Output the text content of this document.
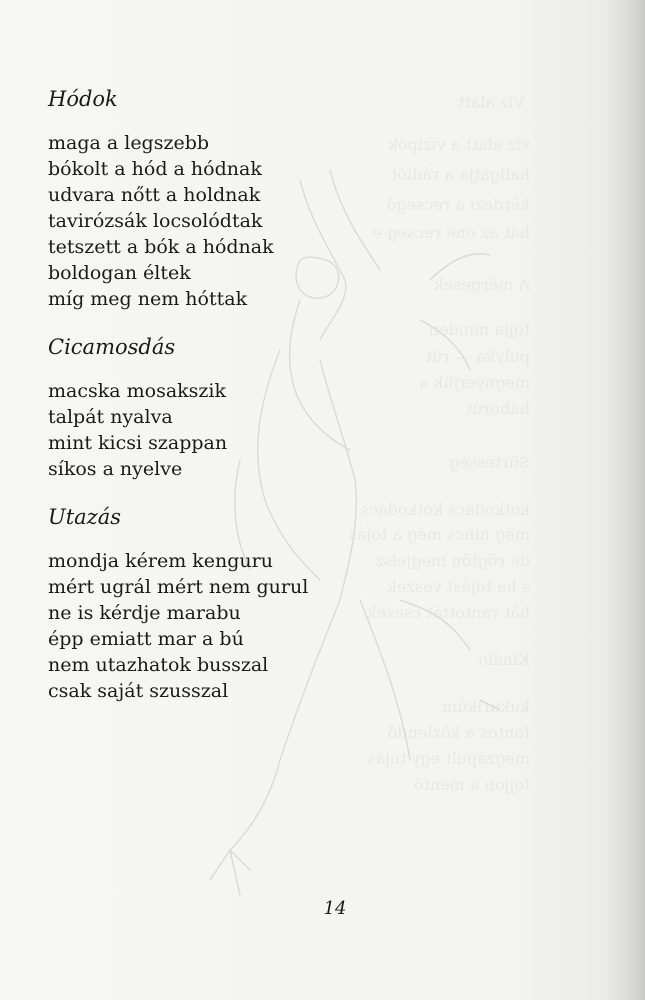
Víz alatt
víz alatt a vízipók
hallgatja a rádiót
kérdezi a recsegő
hát az one recseg-e
A mérgesek
tojja minden
pulyka — rút
megnyerjük a
háborút
Sürtesség
kotkodács kotkodács
még nincs még a tojás
de rögtön megjelsz
s ha tojást veszek
hát rántottát csezek
Kínálo
kukurikúm
fontos a közlendő
megzápult egy tojás
fojjon a mentő
Hódok
maga a legszebb
bókolt a hód a hódnak
udvara nőtt a holdnak
tavirózsák locsolódtak
tetszett a bók a hódnak
boldogan éltek
míg meg nem hóttak
Cicamosdás
macska mosakszik
talpát nyalva
mint kicsi szappan
síkos a nyelve
Utazás
mondja kérem kenguru
mért ugrál mért nem gurul
ne is kérdje marabu
épp emiatt mar a bú
nem utazhatok busszal
csak saját szusszal
14
